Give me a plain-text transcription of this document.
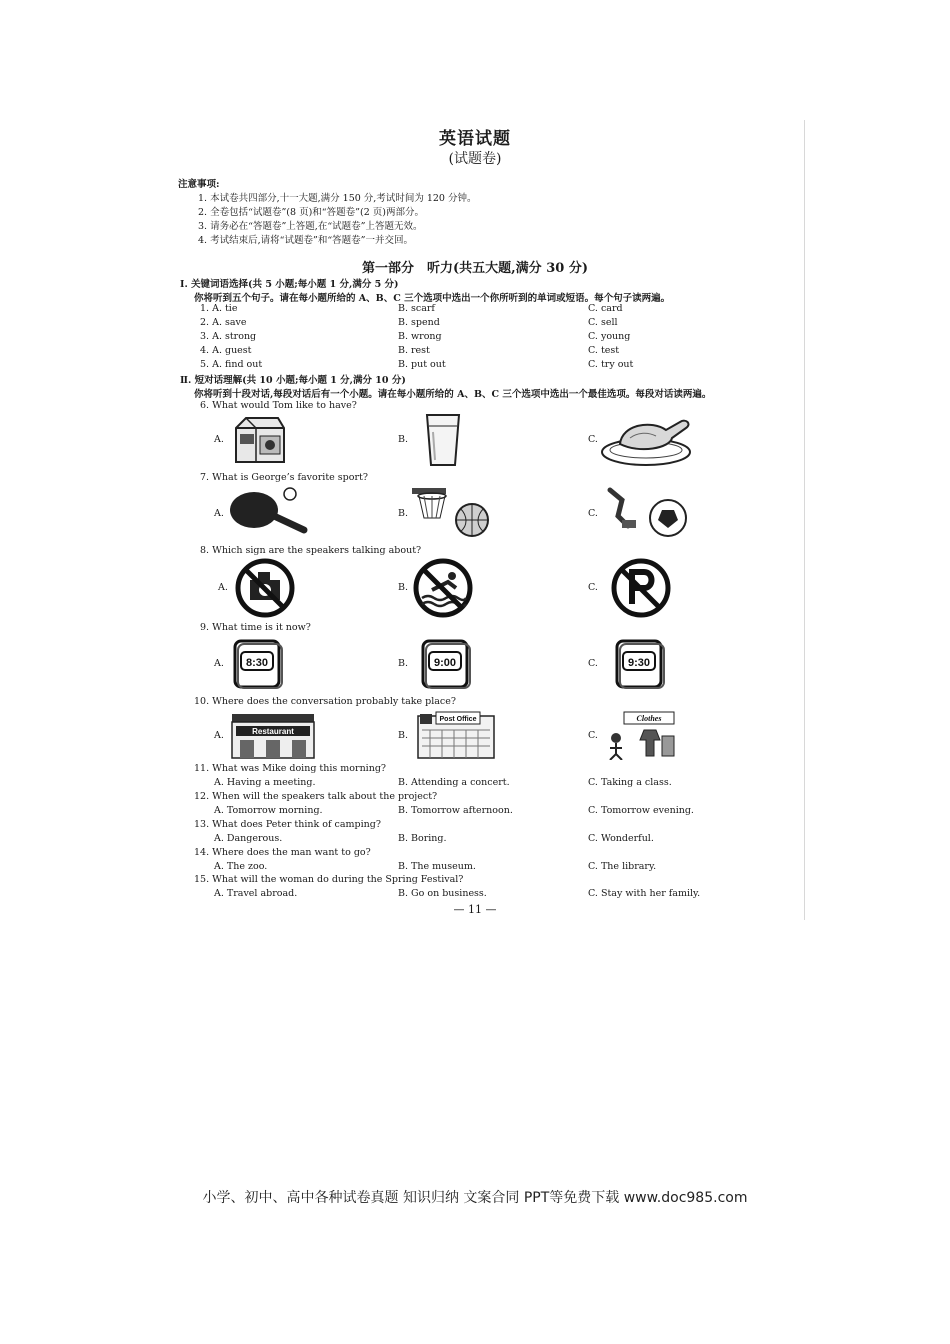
英语试题
(试题卷)
注意事项:
1. 本试卷共四部分,十一大题,满分 150 分,考试时间为 120 分钟。
2. 全卷包括“试题卷”(8 页)和“答题卷”(2 页)两部分。
3. 请务必在“答题卷”上答题,在“试题卷”上答题无效。
4. 考试结束后,请将“试题卷”和“答题卷”一并交回。
第一部分　听力(共五大题,满分 30 分)
Ⅰ. 关键词语选择(共 5 小题;每小题 1 分,满分 5 分)
你将听到五个句子。请在每小题所给的 A、B、C 三个选项中选出一个你所听到的单词或短语。每个句子读两遍。
1. A. tie	B. scarf	C. card
2. A. save	B. spend	C. sell
3. A. strong	B. wrong	C. young
4. A. guest	B. rest	C. test
5. A. find out	B. put out	C. try out
Ⅱ. 短对话理解(共 10 小题;每小题 1 分,满分 10 分)
你将听到十段对话,每段对话后有一个小题。请在每小题所给的 A、B、C 三个选项中选出一个最佳选项。每段对话读两遍。
6. What would Tom like to have?
A.	B.	C.
7. What is George’s favorite sport?
A.	B.	C.
8. Which sign are the speakers talking about?
A.	B.	C.
9. What time is it now?
A.	B.	C.
8:30	9:00	9:30
10. Where does the conversation probably take place?
A.	B.	C.
Restaurant
Post Office	Clothes
11. What was Mike doing this morning?
A. Having a meeting.	B. Attending a concert.	C. Taking a class.
12. When will the speakers talk about the project?
A. Tomorrow morning.	B. Tomorrow afternoon.	C. Tomorrow evening.
13. What does Peter think of camping?
A. Dangerous.	B. Boring.	C. Wonderful.
14. Where does the man want to go?
A. The zoo.	B. The museum.	C. The library.
15. What will the woman do during the Spring Festival?
A. Travel abroad.	B. Go on business.	C. Stay with her family.
— 11 —
小学、初中、高中各种试卷真题 知识归纳 文案合同 PPT等免费下载 www.doc985.com
